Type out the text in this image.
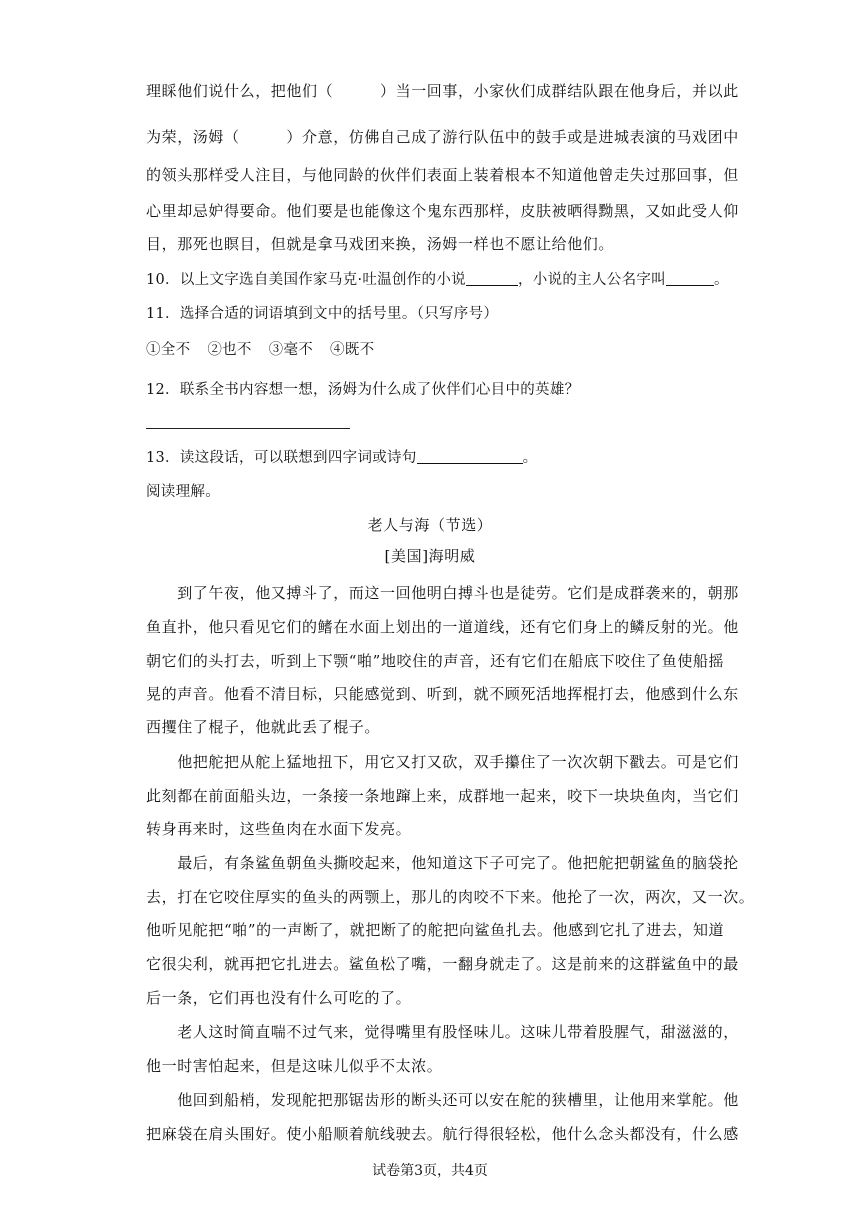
理睬他们说什么，把他们（　　　）当一回事，小家伙们成群结队跟在他身后，并以此
为荣，汤姆（　　　）介意，仿佛自己成了游行队伍中的鼓手或是进城表演的马戏团中
的领头那样受人注目，与他同龄的伙伴们表面上装着根本不知道他曾走失过那回事，但
心里却忌妒得要命。他们要是也能像这个鬼东西那样，皮肤被晒得黝黑，又如此受人仰
目，那死也瞑目，但就是拿马戏团来换，汤姆一样也不愿让给他们。
10．以上文字选自美国作家马克·吐温创作的小说	，小说的主人公名字叫	。
11．选择合适的词语填到文中的括号里。（只写序号）
①全不 ②也不 ③毫不 ④既不
12．联系全书内容想一想，汤姆为什么成了伙伴们心目中的英雄？
13．读这段话，可以联想到四字词或诗句	。
阅读理解。
老人与海（节选）
[美国]海明威
　　到了午夜，他又搏斗了，而这一回他明白搏斗也是徒劳。它们是成群袭来的，朝那
鱼直扑，他只看见它们的鳍在水面上划出的一道道线，还有它们身上的鳞反射的光。他
朝它们的头打去，听到上下颚“啪”地咬住的声音，还有它们在船底下咬住了鱼使船摇
晃的声音。他看不清目标，只能感觉到、听到，就不顾死活地挥棍打去，他感到什么东
西攫住了棍子，他就此丢了棍子。
　　他把舵把从舵上猛地扭下，用它又打又砍，双手攥住了一次次朝下戳去。可是它们
此刻都在前面船头边，一条接一条地蹿上来，成群地一起来，咬下一块块鱼肉，当它们
转身再来时，这些鱼肉在水面下发亮。
　　最后，有条鲨鱼朝鱼头撕咬起来，他知道这下子可完了。他把舵把朝鲨鱼的脑袋抡
去，打在它咬住厚实的鱼头的两颚上，那儿的肉咬不下来。他抡了一次，两次，又一次。
他听见舵把“啪”的一声断了，就把断了的舵把向鲨鱼扎去。他感到它扎了进去，知道
它很尖利，就再把它扎进去。鲨鱼松了嘴，一翻身就走了。这是前来的这群鲨鱼中的最
后一条，它们再也没有什么可吃的了。
　　老人这时简直喘不过气来，觉得嘴里有股怪味儿。这味儿带着股腥气，甜滋滋的，
他一时害怕起来，但是这味儿似乎不太浓。
　　他回到船梢，发现舵把那锯齿形的断头还可以安在舵的狭槽里，让他用来掌舵。他
把麻袋在肩头围好。使小船顺着航线驶去。航行得很轻松，他什么念头都没有，什么感
试卷第3页，共4页
